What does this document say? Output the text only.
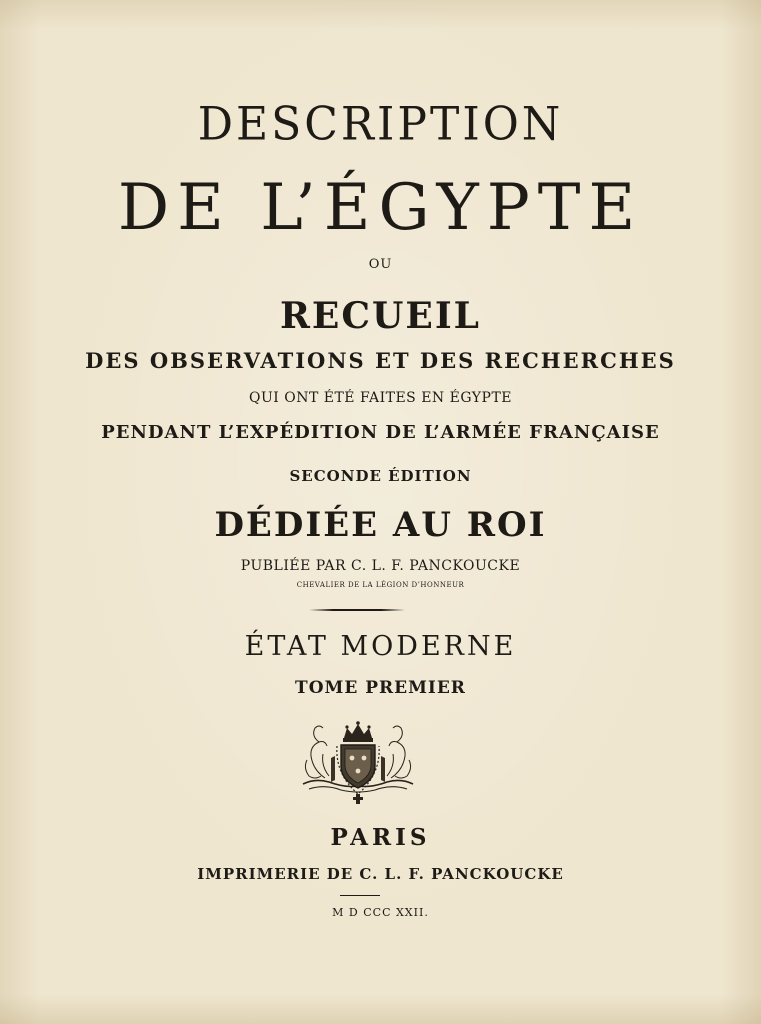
DESCRIPTION

DE L’ÉGYPTE

OU

RECUEIL

DES OBSERVATIONS ET DES RECHERCHES

QUI ONT ÉTÉ FAITES EN ÉGYPTE

PENDANT L’EXPÉDITION DE L’ARMÉE FRANÇAISE

SECONDE ÉDITION

DÉDIÉE AU ROI

PUBLIÉE PAR C. L. F. PANCKOUCKE

CHEVALIER DE LA LÉGION D’HONNEUR

ÉTAT MODERNE

TOME PREMIER

PARIS

IMPRIMERIE DE C. L. F. PANCKOUCKE

M D CCC XXII.
